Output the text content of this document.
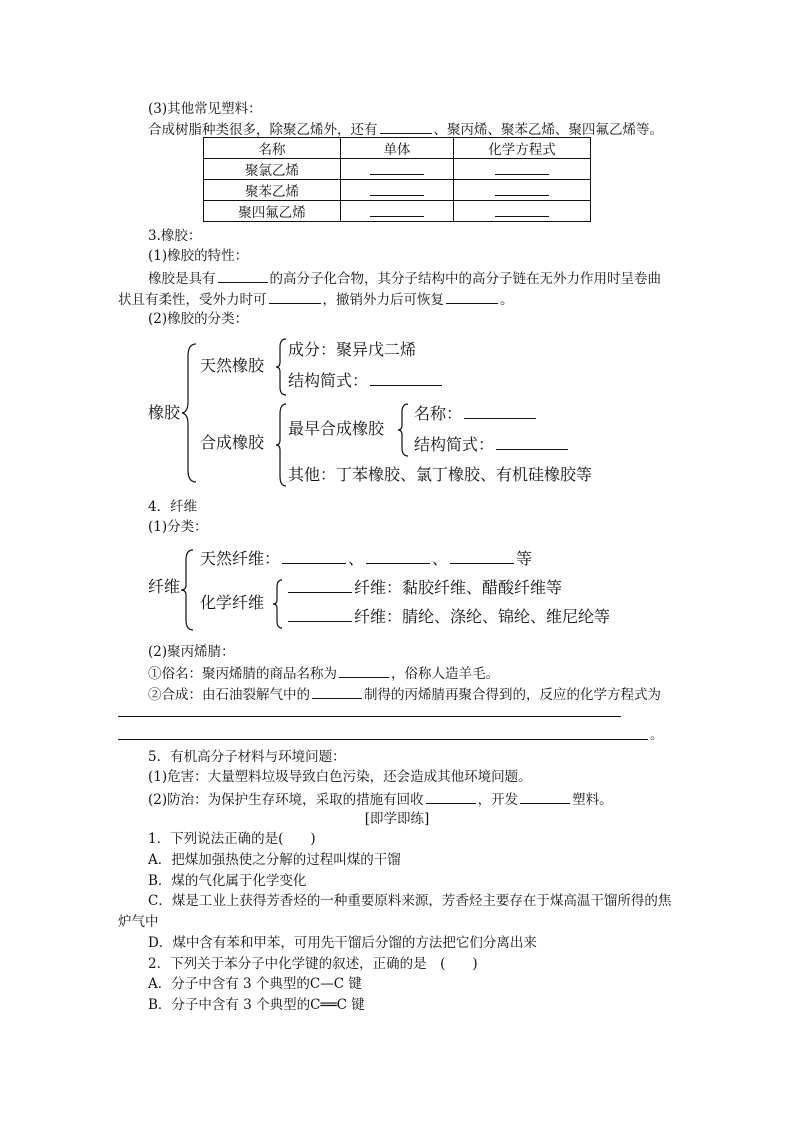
(3)其他常见塑料：
合成树脂种类很多，除聚乙烯外，还有	、聚丙烯、聚苯乙烯、聚四氟乙烯等。
名称	单体	化学方程式
聚氯乙烯		
聚苯乙烯		
聚四氟乙烯		
3.橡胶：
(1)橡胶的特性：
橡胶是具有	的高分子化合物，其分子结构中的高分子链在无外力作用时呈卷曲
状且有柔性，受外力时可	，撤销外力后可恢复	。
(2)橡胶的分类：
橡胶
天然橡胶
成分：聚异戊二烯
结构简式：
合成橡胶
最早合成橡胶
名称：
结构简式：
其他：丁苯橡胶、氯丁橡胶、有机硅橡胶等
4．纤维
(1)分类：
纤维
天然纤维：	、	、	等
化学纤维
纤维：黏胶纤维、醋酸纤维等
纤维：腈纶、涤纶、锦纶、维尼纶等
(2)聚丙烯腈：
①俗名：聚丙烯腈的商品名称为	，俗称人造羊毛。
②合成：由石油裂解气中的	制得的丙烯腈再聚合得到的，反应的化学方程式为
。
5．有机高分子材料与环境问题：
(1)危害：大量塑料垃圾导致白色污染，还会造成其他环境问题。
(2)防治：为保护生存环境，采取的措施有回收	，开发	塑料。
[即学即练]
1．下列说法正确的是(　　)
A．把煤加强热使之分解的过程叫煤的干馏
B．煤的气化属于化学变化
C．煤是工业上获得芳香烃的一种重要原料来源，芳香烃主要存在于煤高温干馏所得的焦
炉气中
D．煤中含有苯和甲苯，可用先干馏后分馏的方法把它们分离出来
2．下列关于苯分子中化学键的叙述，正确的是　(　　)
A．分子中含有 3 个典型的C—C 键
B．分子中含有 3 个典型的C══C 键
